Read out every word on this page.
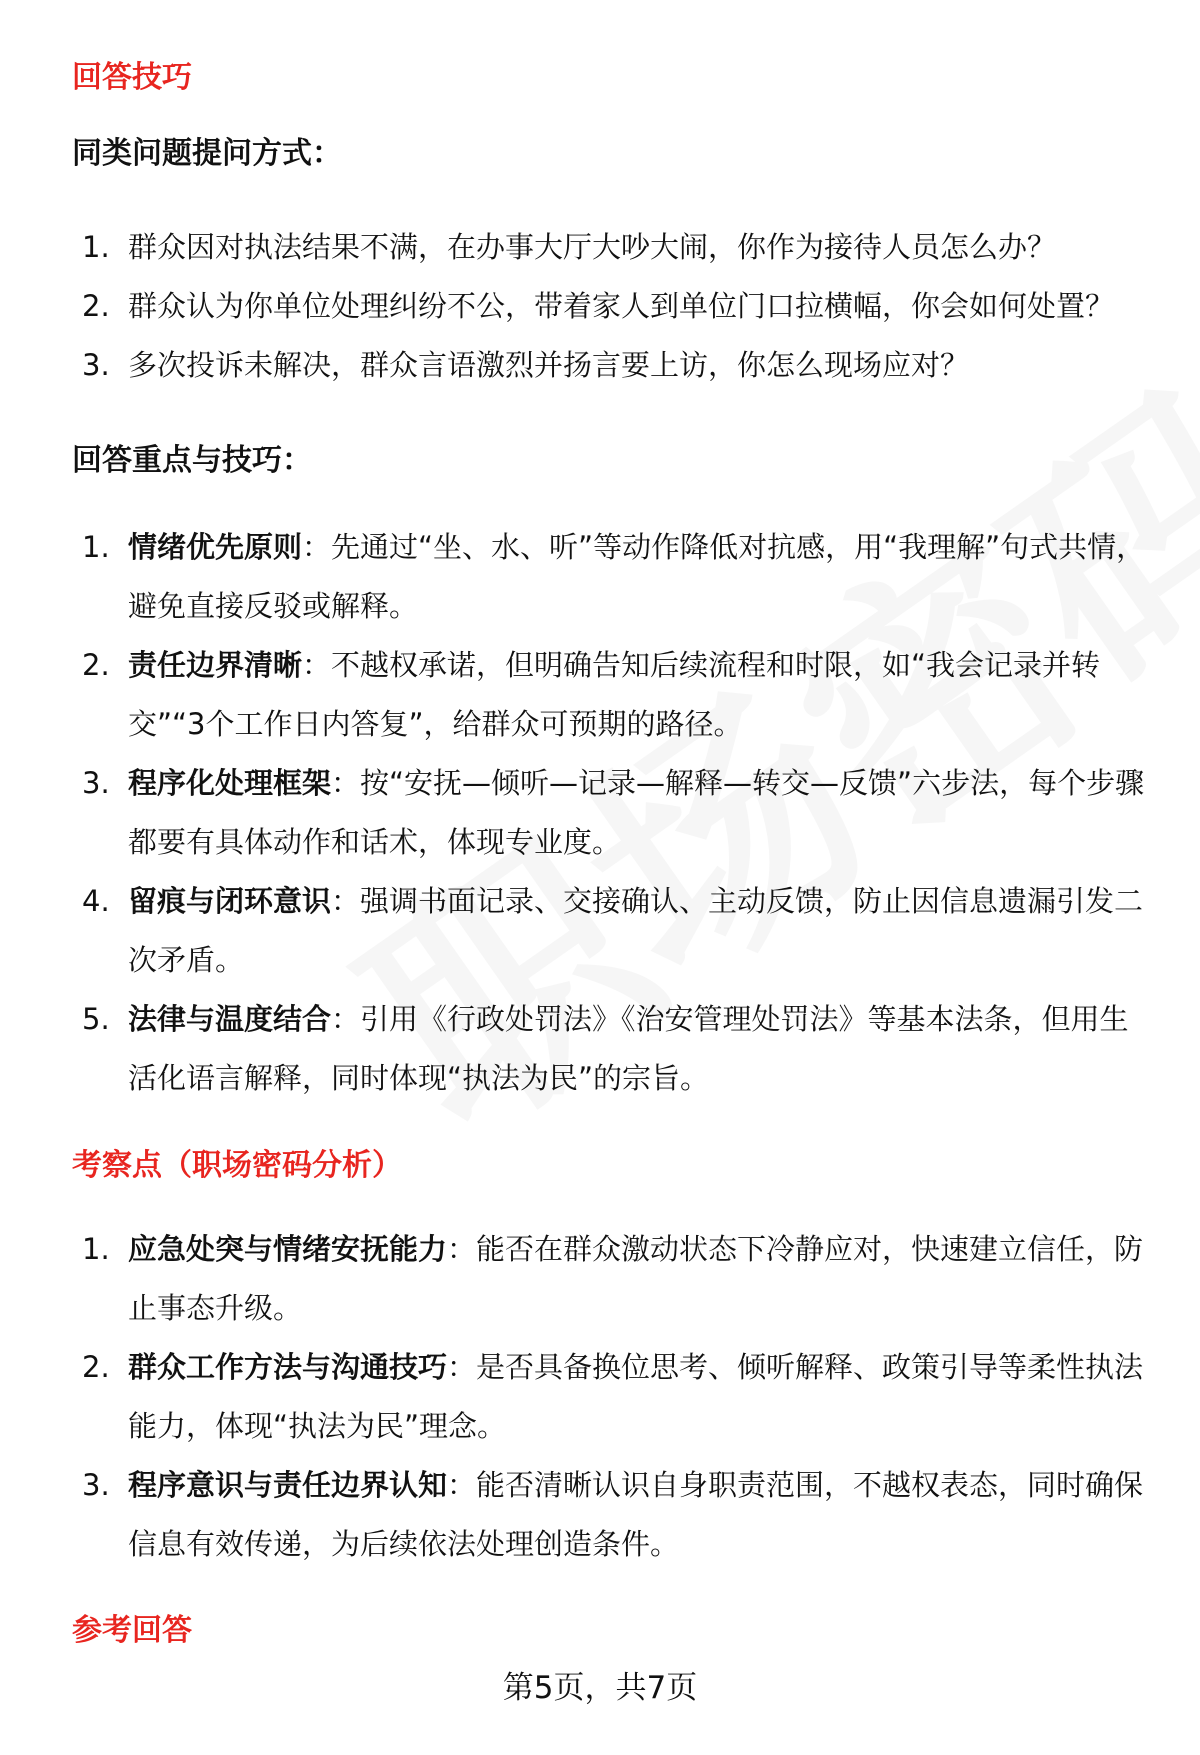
回答技巧
同类问题提问方式：
1. 群众因对执法结果不满，在办事大厅大吵大闹，你作为接待人员怎么办？
2. 群众认为你单位处理纠纷不公，带着家人到单位门口拉横幅，你会如何处置？
3. 多次投诉未解决，群众言语激烈并扬言要上访，你怎么现场应对？
回答重点与技巧：
1. 情绪优先原则：先通过“坐、水、听”等动作降低对抗感，用“我理解”句式共情，避免直接反驳或解释。
2. 责任边界清晰：不越权承诺，但明确告知后续流程和时限，如“我会记录并转交”“3个工作日内答复”，给群众可预期的路径。
3. 程序化处理框架：按“安抚—倾听—记录—解释—转交—反馈”六步法，每个步骤都要有具体动作和话术，体现专业度。
4. 留痕与闭环意识：强调书面记录、交接确认、主动反馈，防止因信息遗漏引发二次矛盾。
5. 法律与温度结合：引用《行政处罚法》《治安管理处罚法》等基本法条，但用生活化语言解释，同时体现“执法为民”的宗旨。
考察点（职场密码分析）
1. 应急处突与情绪安抚能力：能否在群众激动状态下冷静应对，快速建立信任，防止事态升级。
2. 群众工作方法与沟通技巧：是否具备换位思考、倾听解释、政策引导等柔性执法能力，体现“执法为民”理念。
3. 程序意识与责任边界认知：能否清晰认识自身职责范围，不越权表态，同时确保信息有效传递，为后续依法处理创造条件。
参考回答
第5页，共7页
